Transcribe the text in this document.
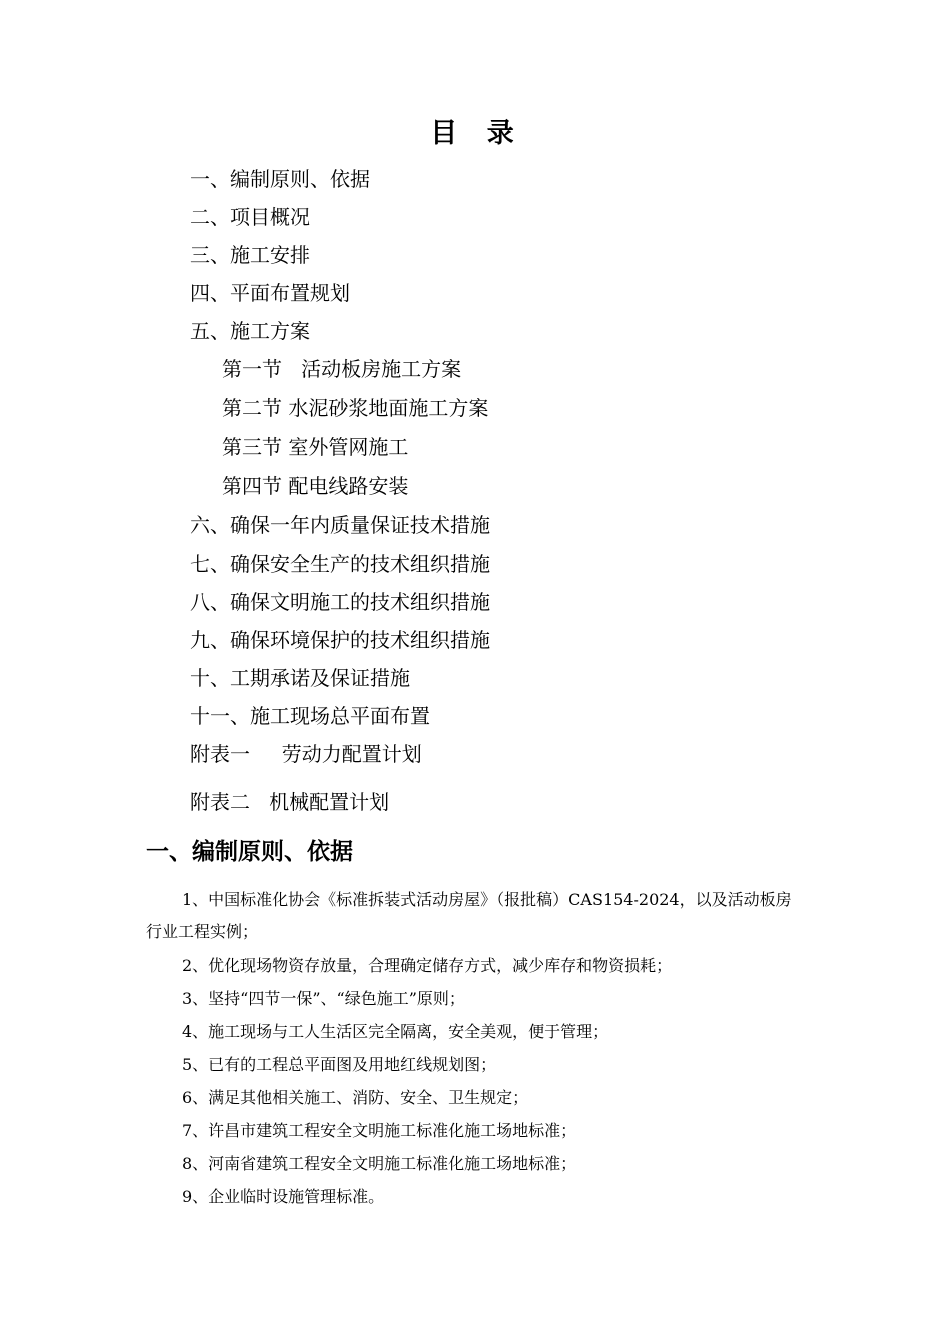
目 录
一、编制原则、依据
二、项目概况
三、施工安排
四、平面布置规划
五、施工方案
第一节   活动板房施工方案
第二节 水泥砂浆地面施工方案
第三节 室外管网施工
第四节 配电线路安装
六、确保一年内质量保证技术措施
七、确保安全生产的技术组织措施
八、确保文明施工的技术组织措施
九、确保环境保护的技术组织措施
十、工期承诺及保证措施
十一、施工现场总平面布置
附表一     劳动力配置计划
附表二   机械配置计划
一、编制原则、依据
1、中国标准化协会《标准拆装式活动房屋》（报批稿）CAS154-2024，以及活动板房行业工程实例；
2、优化现场物资存放量，合理确定储存方式，减少库存和物资损耗；
3、坚持“四节一保”、“绿色施工”原则；
4、施工现场与工人生活区完全隔离，安全美观，便于管理；
5、已有的工程总平面图及用地红线规划图；
6、满足其他相关施工、消防、安全、卫生规定；
7、许昌市建筑工程安全文明施工标准化施工场地标准；
8、河南省建筑工程安全文明施工标准化施工场地标准；
9、企业临时设施管理标准。
